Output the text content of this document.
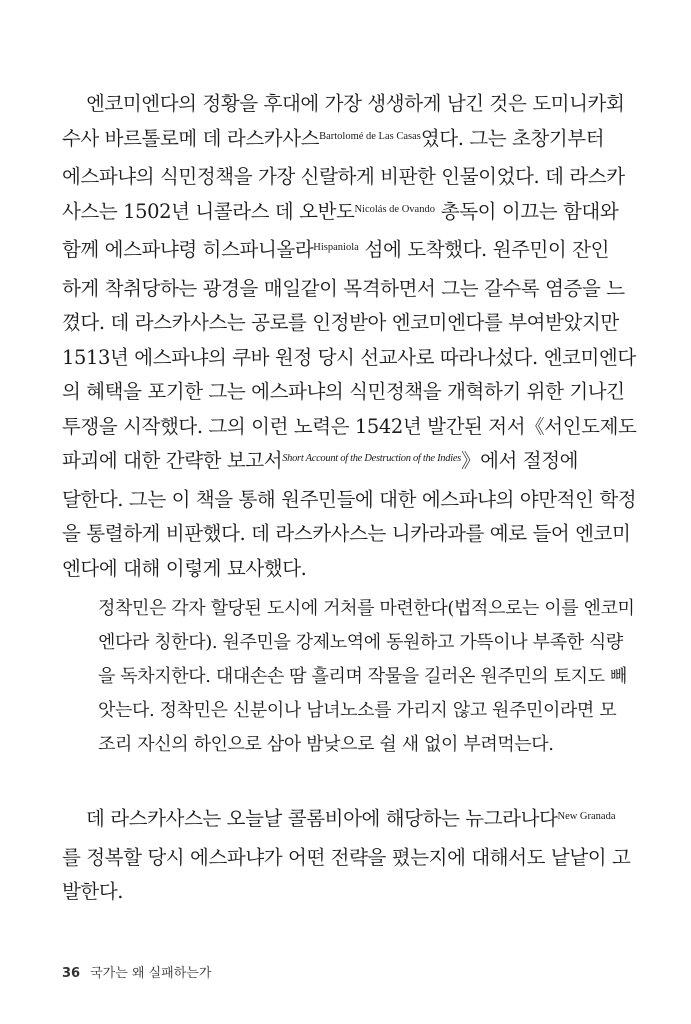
엔코미엔다의 정황을 후대에 가장 생생하게 남긴 것은 도미니카회
수사 바르톨로메 데 라스카사스$^{Bartolomé de Las Casas}$였다. 그는 초창기부터
에스파냐의 식민정책을 가장 신랄하게 비판한 인물이었다. 데 라스카
사스는 1502년 니콜라스 데 오반도$^{Nicolás de Ovando}$ 총독이 이끄는 함대와
함께 에스파냐령 히스파니올라$^{Hispaniola}$ 섬에 도착했다. 원주민이 잔인
하게 착취당하는 광경을 매일같이 목격하면서 그는 갈수록 염증을 느
꼈다. 데 라스카사스는 공로를 인정받아 엔코미엔다를 부여받았지만
1513년 에스파냐의 쿠바 원정 당시 선교사로 따라나섰다. 엔코미엔다
의 혜택을 포기한 그는 에스파냐의 식민정책을 개혁하기 위한 기나긴
투쟁을 시작했다. 그의 이런 노력은 1542년 발간된 저서《서인도제도
파괴에 대한 간략한 보고서$^{Short Account of the Destruction of the Indies}$》에서 절정에
달한다. 그는 이 책을 통해 원주민들에 대한 에스파냐의 야만적인 학정
을 통렬하게 비판했다. 데 라스카사스는 니카라과를 예로 들어 엔코미
엔다에 대해 이렇게 묘사했다.

정착민은 각자 할당된 도시에 거처를 마련한다(법적으로는 이를 엔코미
엔다라 칭한다). 원주민을 강제노역에 동원하고 가뜩이나 부족한 식량
을 독차지한다. 대대손손 땀 흘리며 작물을 길러온 원주민의 토지도 빼
앗는다. 정착민은 신분이나 남녀노소를 가리지 않고 원주민이라면 모
조리 자신의 하인으로 삼아 밤낮으로 쉴 새 없이 부려먹는다.

데 라스카사스는 오늘날 콜롬비아에 해당하는 뉴그라나다$^{New Granada}$
를 정복할 당시 에스파냐가 어떤 전략을 폈는지에 대해서도 낱낱이 고
발한다.

36 국가는 왜 실패하는가
